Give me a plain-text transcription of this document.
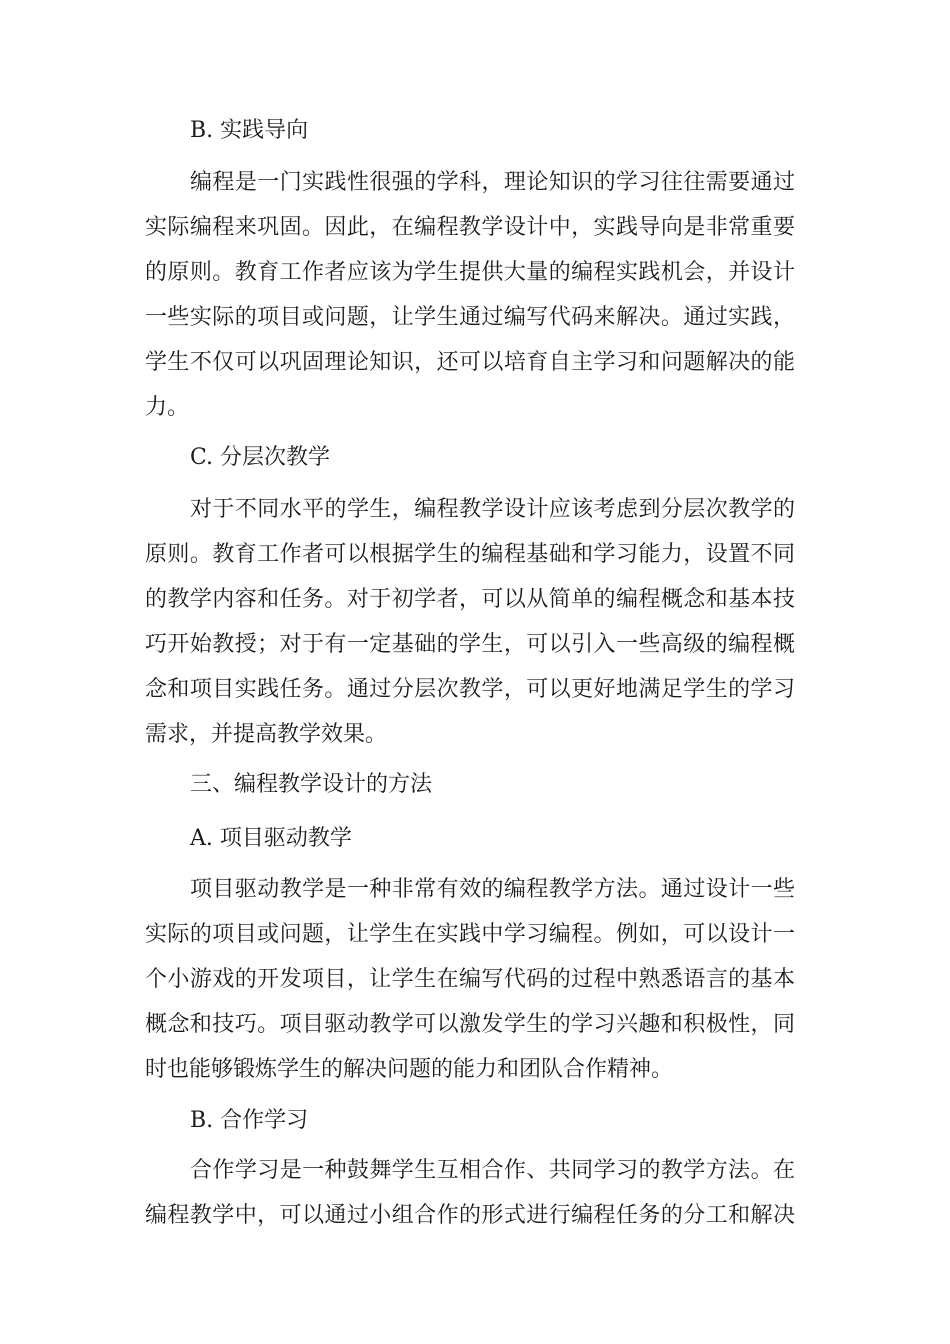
B. 实践导向
编程是一门实践性很强的学科，理论知识的学习往往需要通过
实际编程来巩固。因此，在编程教学设计中，实践导向是非常重要
的原则。教育工作者应该为学生提供大量的编程实践机会，并设计
一些实际的项目或问题，让学生通过编写代码来解决。通过实践，
学生不仅可以巩固理论知识，还可以培育自主学习和问题解决的能
力。
C. 分层次教学
对于不同水平的学生，编程教学设计应该考虑到分层次教学的
原则。教育工作者可以根据学生的编程基础和学习能力，设置不同
的教学内容和任务。对于初学者，可以从简单的编程概念和基本技
巧开始教授；对于有一定基础的学生，可以引入一些高级的编程概
念和项目实践任务。通过分层次教学，可以更好地满足学生的学习
需求，并提高教学效果。
三、编程教学设计的方法
A. 项目驱动教学
项目驱动教学是一种非常有效的编程教学方法。通过设计一些
实际的项目或问题，让学生在实践中学习编程。例如，可以设计一
个小游戏的开发项目，让学生在编写代码的过程中熟悉语言的基本
概念和技巧。项目驱动教学可以激发学生的学习兴趣和积极性，同
时也能够锻炼学生的解决问题的能力和团队合作精神。
B. 合作学习
合作学习是一种鼓舞学生互相合作、共同学习的教学方法。在
编程教学中，可以通过小组合作的形式进行编程任务的分工和解决
